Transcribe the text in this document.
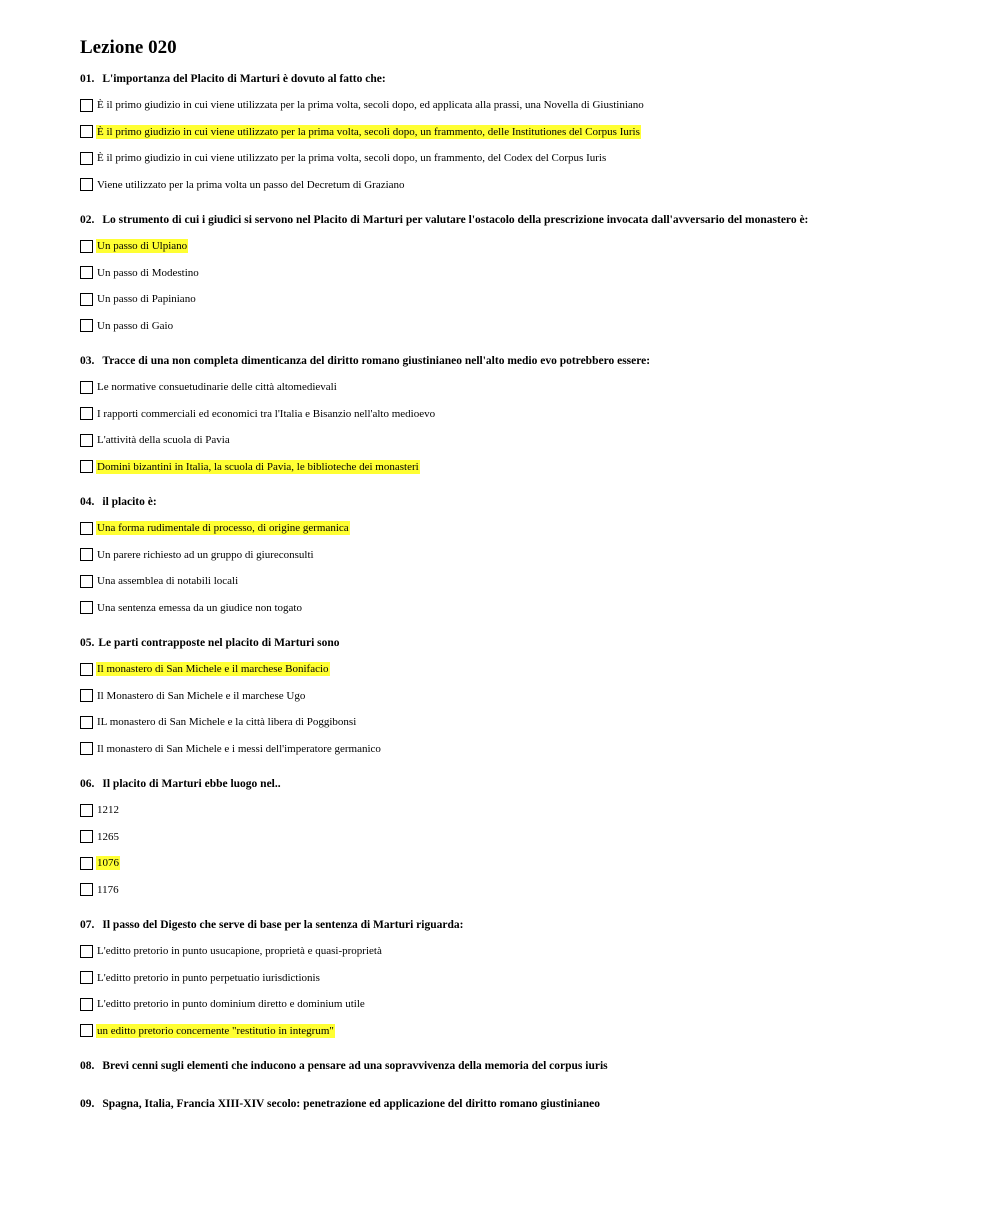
Lezione 020
01. L'importanza del Placito di Marturi è dovuto al fatto che:
È il primo giudizio in cui viene utilizzata per la prima volta, secoli dopo, ed applicata alla prassi, una Novella di Giustiniano
È il primo giudizio in cui viene utilizzato per la prima volta, secoli dopo, un frammento, delle Institutiones del Corpus Iuris
È il primo giudizio in cui viene utilizzato per la prima volta, secoli dopo, un frammento, del Codex del Corpus Iuris
Viene utilizzato per la prima volta un passo del Decretum di Graziano
02. Lo strumento di cui i giudici si servono nel Placito di Marturi per valutare l'ostacolo della prescrizione invocata dall'avversario del monastero è:
Un passo di Ulpiano
Un passo di Modestino
Un passo di Papiniano
Un passo di Gaio
03. Tracce di una non completa dimenticanza del diritto romano giustinianeo nell'alto medio evo potrebbero essere:
Le normative consuetudinarie delle città altomedievali
I rapporti commerciali ed economici tra l'Italia e Bisanzio nell'alto medioevo
L'attività della scuola di Pavia
Domini bizantini in Italia, la scuola di Pavia, le biblioteche dei monasteri
04. il placito è:
Una forma rudimentale di processo, di origine germanica
Un parere richiesto ad un gruppo di giureconsulti
Una assemblea di notabili locali
Una sentenza emessa da un giudice non togato
05. Le parti contrapposte nel placito di Marturi sono
Il monastero di San Michele e il marchese Bonifacio
Il Monastero di San Michele e il marchese Ugo
IL monastero di San Michele e la città libera di Poggibonsi
Il monastero di San Michele e i messi dell'imperatore germanico
06. Il placito di Marturi ebbe luogo nel..
1212
1265
1076
1176
07. Il passo del Digesto che serve di base per la sentenza di Marturi riguarda:
L'editto pretorio in punto usucapione, proprietà e quasi-proprietà
L'editto pretorio in punto perpetuatio iurisdictionis
L'editto pretorio in punto dominium diretto e dominium utile
un editto pretorio concernente "restitutio in integrum"
08. Brevi cenni sugli elementi che inducono a pensare ad una sopravvivenza della memoria del corpus iuris
09. Spagna, Italia, Francia XIII-XIV secolo: penetrazione ed applicazione del diritto romano giustinianeo
